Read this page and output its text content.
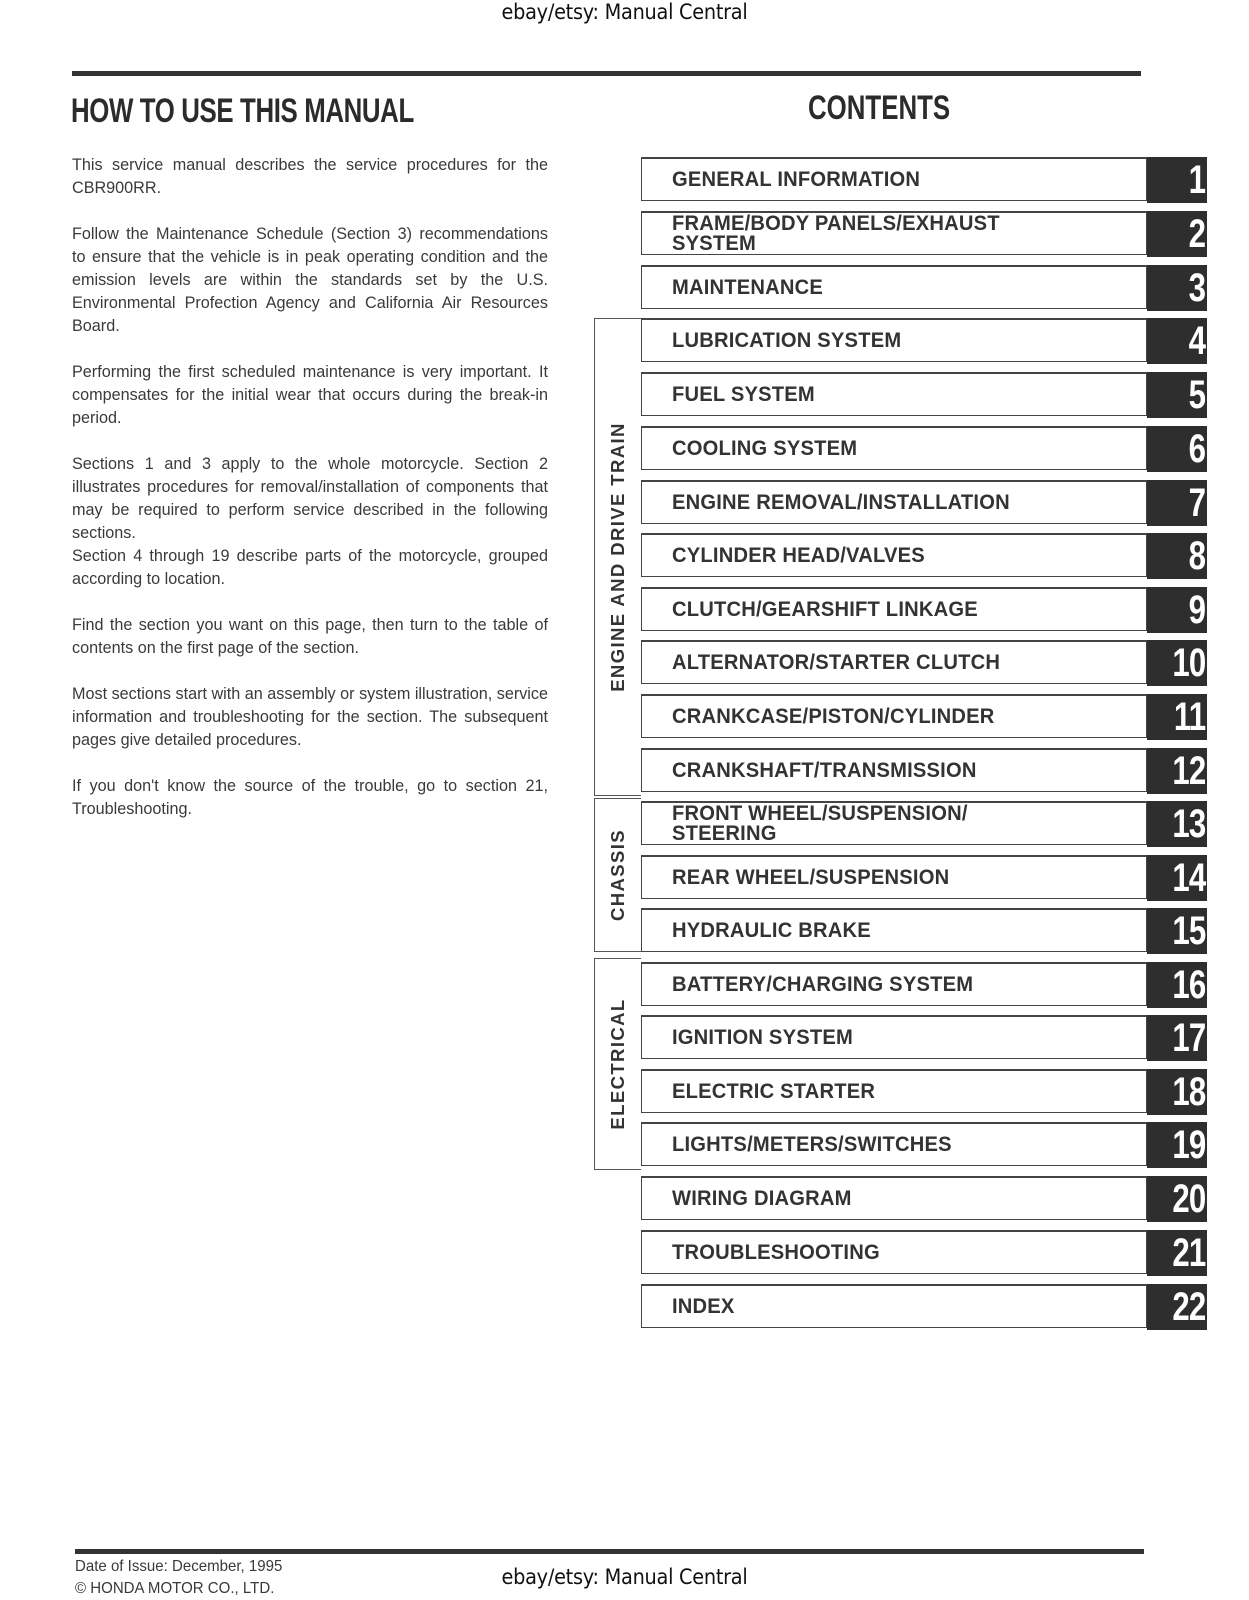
ebay/etsy: Manual Central
HOW TO USE THIS MANUAL	CONTENTS

This service manual describes the service procedures for the CBR900RR.

Follow the Maintenance Schedule (Section 3) recommendations to ensure that the vehicle is in peak operating condition and the emission levels are within the standards set by the U.S. Environmental Profection Agency and California Air Resources Board.

Performing the first scheduled maintenance is very important. It compensates for the initial wear that occurs during the break-in period.

Sections 1 and 3 apply to the whole motorcycle. Section 2 illustrates procedures for removal/installation of components that may be required to perform service described in the following sections.

Section 4 through 19 describe parts of the motorcycle, grouped according to location.

Find the section you want on this page, then turn to the table of contents on the first page of the section.

Most sections start with an assembly or system illustration, service information and troubleshooting for the section. The subsequent pages give detailed procedures.

If you don't know the source of the trouble, go to section 21, Troubleshooting.

ENGINE AND DRIVE TRAIN
CHASSIS
ELECTRICAL
GENERAL INFORMATION	1
FRAME/BODY PANELS/EXHAUST SYSTEM	2
MAINTENANCE	3
LUBRICATION SYSTEM	4
FUEL SYSTEM	5
COOLING SYSTEM	6
ENGINE REMOVAL/INSTALLATION	7
CYLINDER HEAD/VALVES	8
CLUTCH/GEARSHIFT LINKAGE	9
ALTERNATOR/STARTER CLUTCH	10
CRANKCASE/PISTON/CYLINDER	11
CRANKSHAFT/TRANSMISSION	12
FRONT WHEEL/SUSPENSION/ STEERING	13
REAR WHEEL/SUSPENSION	14
HYDRAULIC BRAKE	15
BATTERY/CHARGING SYSTEM	16
IGNITION SYSTEM	17
ELECTRIC STARTER	18
LIGHTS/METERS/SWITCHES	19
WIRING DIAGRAM	20
TROUBLESHOOTING	21
INDEX	22
Date of Issue: December, 1995
© HONDA MOTOR CO., LTD.	ebay/etsy: Manual Central
